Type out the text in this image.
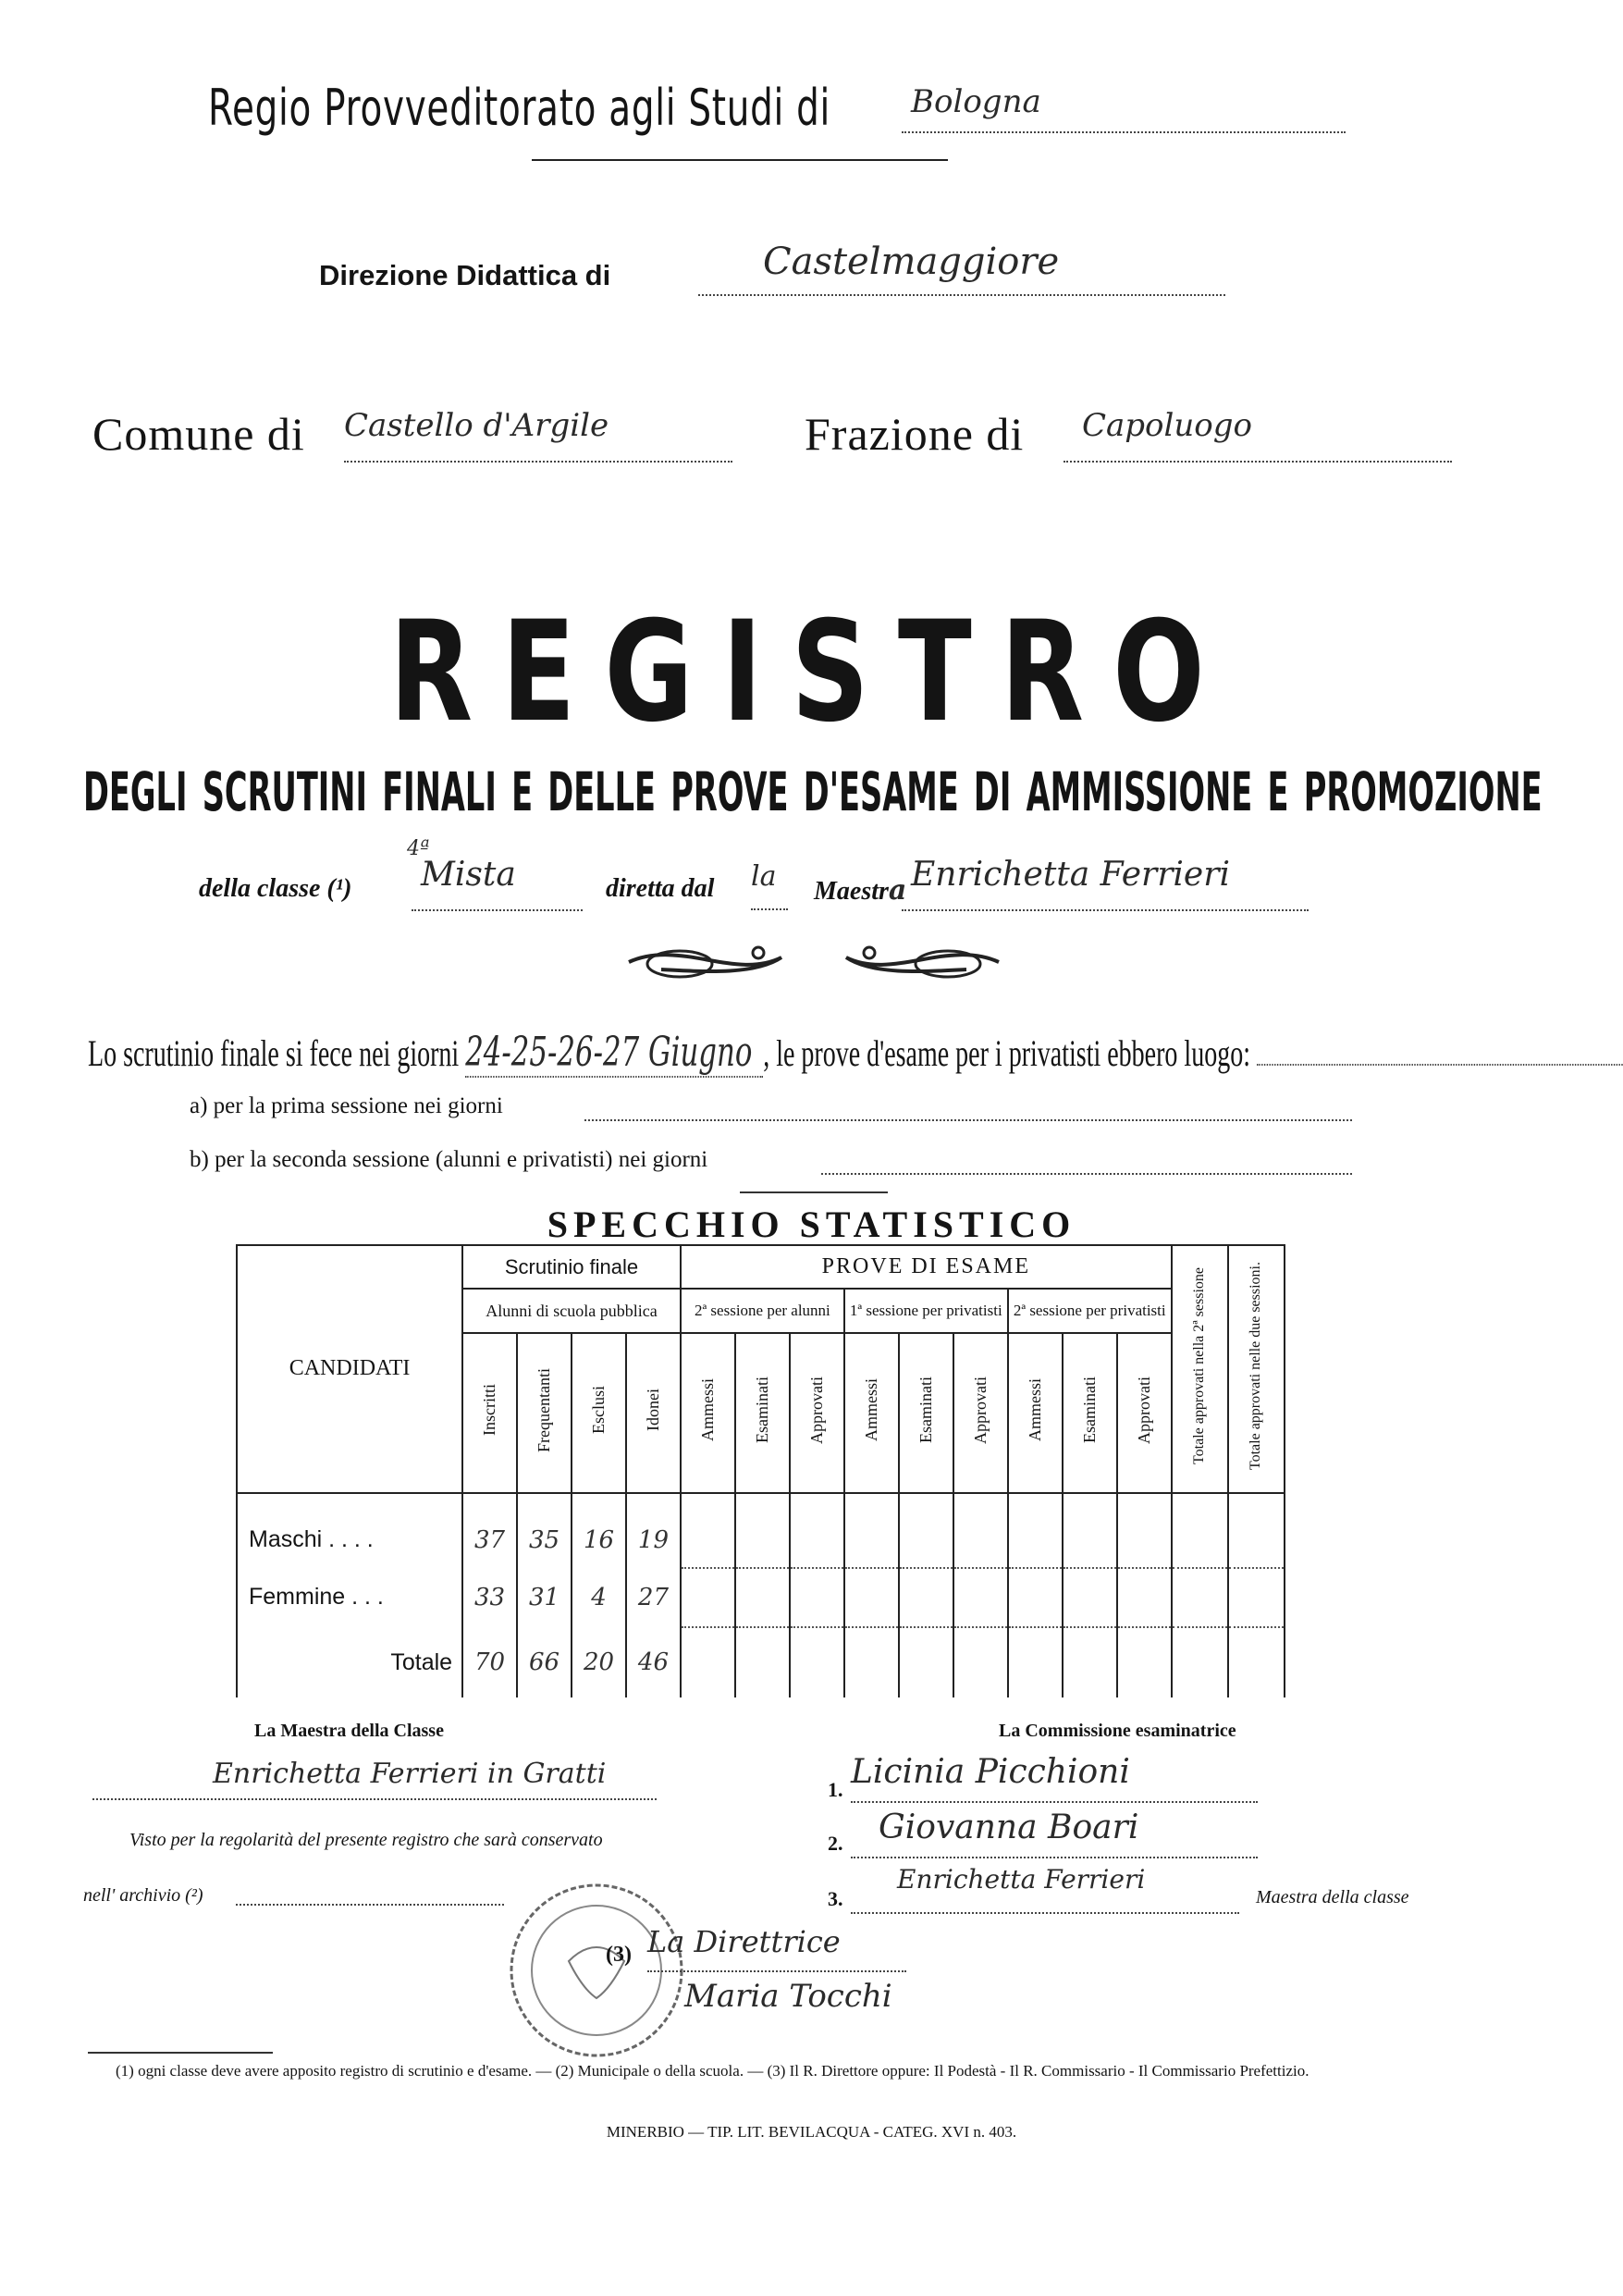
Regio Provveditorato agli Studi di	Bologna
Direzione Didattica di	Castelmaggiore
Comune di Castello d'Argile	Frazione di	Capoluogo
REGISTRO
DEGLI SCRUTINI FINALI E DELLE PROVE D'ESAME DI AMMISSIONE E PROMOZIONE
della classe (¹)
4ª
Mista	diretta dal la	Maestra Enrichetta Ferrieri
Lo scrutinio finale si fece nei giorni 24-25-26-27 Giugno , le prove d'esame per i privatisti ebbero luogo:
a) per la prima sessione nei giorni
b) per la seconda sessione (alunni e privatisti) nei giorni
SPECCHIO STATISTICO
CANDIDATI	Scrutinio finale				PROVE DI ESAME									Totale approvati nella 2ª sessione	Totale approvati nelle due sessioni.
	Alunni di scuola pubblica				2ª sessione per alunni			1ª sessione per privatisti			2ª sessione per privatisti				
	Inscritti	Frequentanti	Esclusi	Idonei	Ammessi	Esaminati	Approvati	Ammessi	Esaminati	Approvati	Ammessi	Esaminati	Approvati		

Maschi . . . .	37	35	16	19											
Femmine . . .	33	31	4	27											
Totale	70	66	20	46											
La Maestra della Classe	La Commissione esaminatrice
Enrichetta Ferrieri in Gratti	1.
2.
3.
Licinia Picchioni
Giovanna Boari
Enrichetta Ferrieri
Maestra della classe
Visto per la regolarità del presente registro che sarà conservato
nell' archivio (²)
(3) La Direttrice
Maria Tocchi
(1) ogni classe deve avere apposito registro di scrutinio e d'esame. — (2) Municipale o della scuola. — (3) Il R. Direttore oppure: Il Podestà - Il R. Commissario - Il Commissario Prefettizio.
MINERBIO — TIP. LIT. BEVILACQUA - CATEG. XVI n. 403.
